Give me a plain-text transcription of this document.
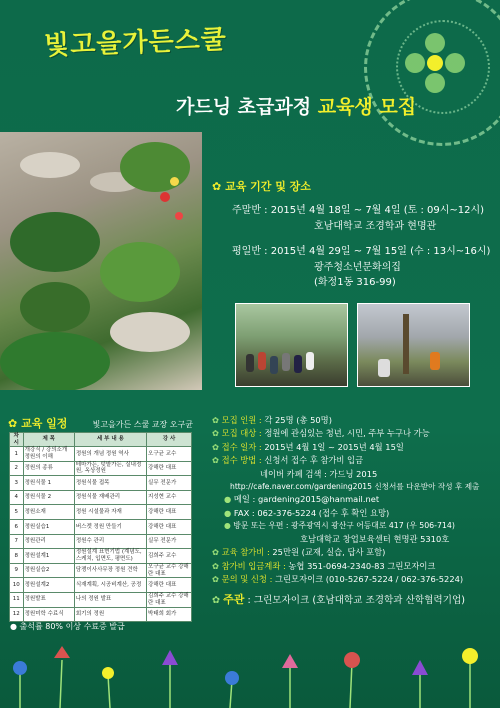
빛고을가든스쿨
가드닝 초급과정 교육생 모집
✿ 교육 기간 및 장소
주말반 : 2015년 4월 18일 ~ 7월 4일 (토 : 09시~12시)
호남대학교 조경학과 현명관
평일반 : 2015년 4월 29일 ~ 7월 15일 (수 : 13시~16시)
광주청소년문화의집
(화정1동 316-99)
✿ 교육 일정	빛고을가든 스쿨 교장 오구균
차시	제 목	세 부 내 용	강 사
1	개강식 / 강의소개 정원의 이해	정원의 개념 정원 역사	오구균 교수
2	정원의 종류	테마가든, 텃밭가든, 실내정원, 옥상정원	강해란 대표
3	정원식물 1	정원식물 접목	실무 전문가
4	정원식물 2	정원식물 재배관리	지성현 교수
5	정원소재	정원 시설물과 자재	강해란 대표
6	정원실습1	버스켓 정원 만들기	강해란 대표
7	정원관리	정원수 관리	실무 전문가
8	정원설계1	정원설계 표현기법 (계념도, 스케치, 입면도, 평면도)	김희주 교수
9	정원실습2	담쟁이사사무장 정원 견학	오구균 교수 강해란 대표
10	정원설계2	식재계획, 시공비계산, 공정	강해란 대표
11	정원발표	나의 정원 발표	김희주 교수 강해란 대표
12	정원미학 수료식	회기의 정원	박태희 회가
● 출석률 80% 이상 수료증 발급
✿ 모집 인원 : 각 25명 (총 50명)
✿ 모집 대상 : 정원에 관심있는 청년, 시민, 주부 누구나 가능
✿ 접수 일자 : 2015년 4월 1일 ~ 2015년 4월 15일
✿ 접수 방법 : 신청서 접수 후 참가비 입금
네이버 카페 검색 : 가드닝 2015
http://cafe.naver.com/gardening2015 신청서를 다운받아 작성 후 제출
● 메일 : gardening2015@hanmail.net
● FAX : 062-376-5224 (접수 후 확인 요망)
● 방문 또는 우편 : 광주광역시 광산구 어등대로 417 (우 506-714)
호남대학교 창업보육센터 현명관 5310호
✿ 교육 참가비 : 25만원 (교재, 실습, 답사 포함)
✿ 참가비 입금계좌 : 농협 351-0694-2340-83 그린모자이크
✿ 문의 및 신청 : 그린모자이크 (010-5267-5224 / 062-376-5224)
✿ 주관 : 그린모자이크 (호남대학교 조경학과 산학협력기업)
